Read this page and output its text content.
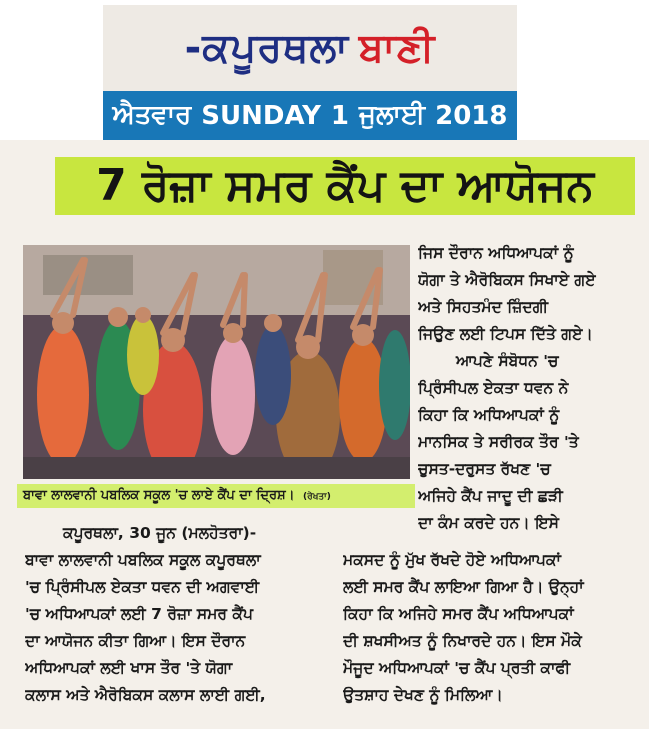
-ਕਪੂਰਥਲਾ ਬਾਣੀ
ਐਤਵਾਰ SUNDAY 1 ਜੁਲਾਈ 2018
7 ਰੋਜ਼ਾ ਸਮਰ ਕੈਂਪ ਦਾ ਆਯੋਜਨ
ਬਾਵਾ ਲਾਲਵਾਨੀ ਪਬਲਿਕ ਸਕੂਲ 'ਚ ਲਾਏ ਕੈਂਪ ਦਾ ਦ੍ਰਿਸ਼। (ਰੇਖਤਾ)

ਜਿਸ ਦੌਰਾਨ ਅਧਿਆਪਕਾਂ ਨੂੰ

ਯੋਗਾ ਤੇ ਐਰੋਬਿਕਸ ਸਿਖਾਏ ਗਏ

ਅਤੇ ਸਿਹਤਮੰਦ ਜ਼ਿੰਦਗੀ

ਜਿਉਣ ਲਈ ਟਿਪਸ ਦਿੱਤੇ ਗਏ।

ਆਪਣੇ ਸੰਬੋਧਨ 'ਚ

ਪ੍ਰਿੰਸੀਪਲ ਏਕਤਾ ਧਵਨ ਨੇ

ਕਿਹਾ ਕਿ ਅਧਿਆਪਕਾਂ ਨੂੰ

ਮਾਨਸਿਕ ਤੇ ਸਰੀਰਕ ਤੌਰ 'ਤੇ

ਚੁਸਤ-ਦਰੁਸਤ ਰੱਖਣ 'ਚ

ਅਜਿਹੇ ਕੈਂਪ ਜਾਦੂ ਦੀ ਛੜੀ

ਦਾ ਕੰਮ ਕਰਦੇ ਹਨ। ਇਸੇ

ਕਪੂਰਥਲਾ, 30 ਜੂਨ (ਮਲਹੋਤਰਾ)-

ਬਾਵਾ ਲਾਲਵਾਨੀ ਪਬਲਿਕ ਸਕੂਲ ਕਪੂਰਥਲਾ

'ਚ ਪ੍ਰਿੰਸੀਪਲ ਏਕਤਾ ਧਵਨ ਦੀ ਅਗਵਾਈ

'ਚ ਅਧਿਆਪਕਾਂ ਲਈ 7 ਰੋਜ਼ਾ ਸਮਰ ਕੈਂਪ

ਦਾ ਆਯੋਜਨ ਕੀਤਾ ਗਿਆ। ਇਸ ਦੌਰਾਨ

ਅਧਿਆਪਕਾਂ ਲਈ ਖਾਸ ਤੌਰ 'ਤੇ ਯੋਗਾ

ਕਲਾਸ ਅਤੇ ਐਰੋਬਿਕਸ ਕਲਾਸ ਲਾਈ ਗਈ,

ਮਕਸਦ ਨੂੰ ਮੁੱਖ ਰੱਖਦੇ ਹੋਏ ਅਧਿਆਪਕਾਂ

ਲਈ ਸਮਰ ਕੈਂਪ ਲਾਇਆ ਗਿਆ ਹੈ। ਉਨ੍ਹਾਂ

ਕਿਹਾ ਕਿ ਅਜਿਹੇ ਸਮਰ ਕੈਂਪ ਅਧਿਆਪਕਾਂ

ਦੀ ਸ਼ਖਸੀਅਤ ਨੂੰ ਨਿਖਾਰਦੇ ਹਨ। ਇਸ ਮੌਕੇ

ਮੌਜੂਦ ਅਧਿਆਪਕਾਂ 'ਚ ਕੈਂਪ ਪ੍ਰਤੀ ਕਾਫੀ

ਉਤਸ਼ਾਹ ਦੇਖਣ ਨੂੰ ਮਿਲਿਆ।
